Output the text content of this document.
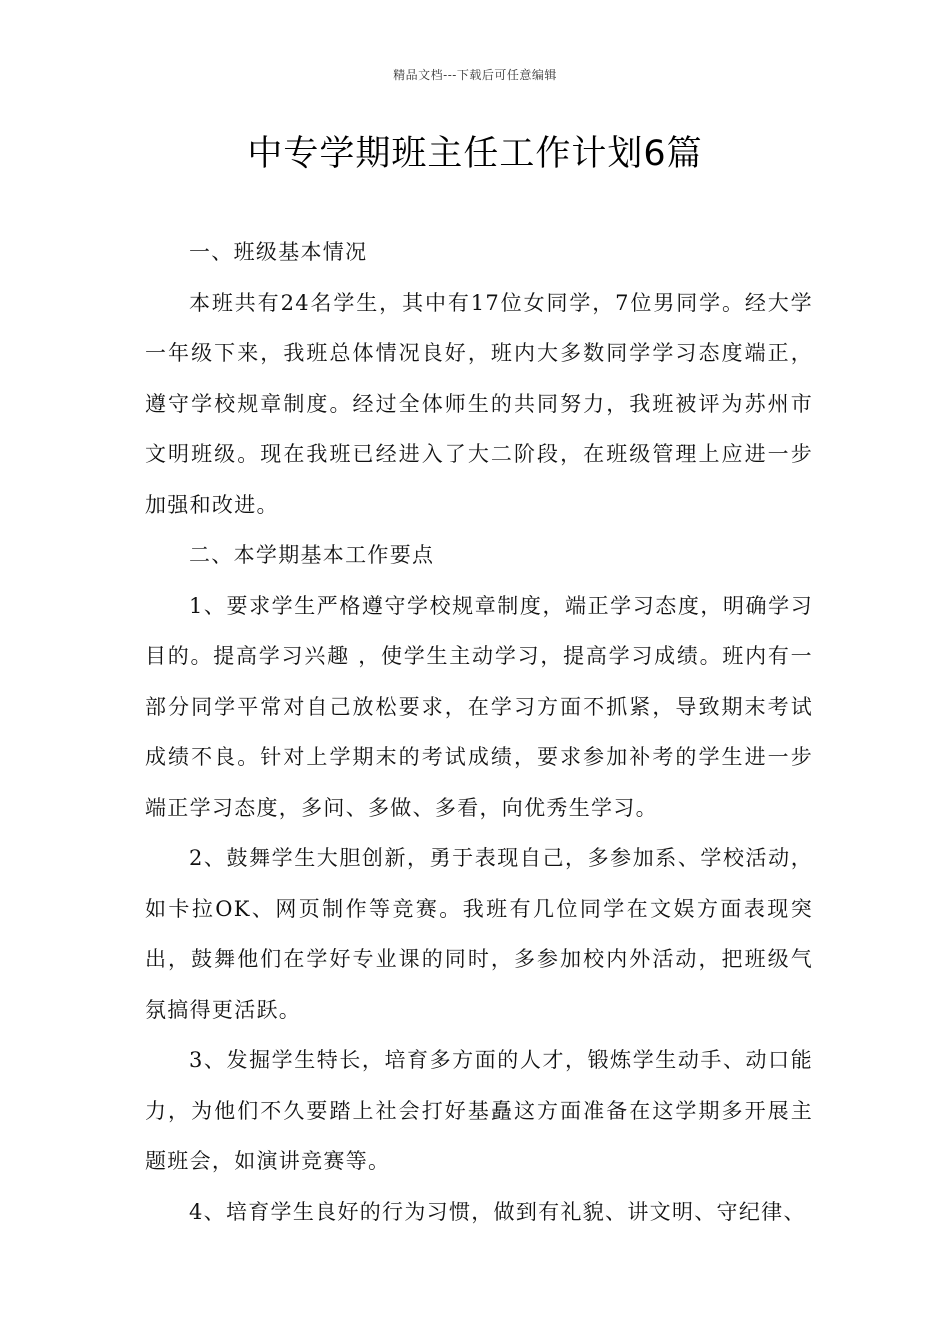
精品文档---下载后可任意编辑
中专学期班主任工作计划6篇

一、班级基本情况

本班共有24名学生，其中有17位女同学，7位男同学。经大学一年级下来，我班总体情况良好，班内大多数同学学习态度端正，遵守学校规章制度。经过全体师生的共同努力，我班被评为苏州市文明班级。现在我班已经进入了大二阶段，在班级管理上应进一步加强和改进。

二、本学期基本工作要点

1、要求学生严格遵守学校规章制度，端正学习态度，明确学习目的。提高学习兴趣 ，使学生主动学习，提高学习成绩。班内有一部分同学平常对自己放松要求，在学习方面不抓紧，导致期末考试成绩不良。针对上学期末的考试成绩，要求参加补考的学生进一步端正学习态度，多问、多做、多看，向优秀生学习。

2、鼓舞学生大胆创新，勇于表现自己，多参加系、学校活动，如卡拉OK、网页制作等竞赛。我班有几位同学在文娱方面表现突出，鼓舞他们在学好专业课的同时，多参加校内外活动，把班级气氛搞得更活跃。

3、发掘学生特长，培育多方面的人才，锻炼学生动手、动口能力，为他们不久要踏上社会打好基矗这方面准备在这学期多开展主题班会，如演讲竞赛等。

4、培育学生良好的行为习惯，做到有礼貌、讲文明、守纪律、
